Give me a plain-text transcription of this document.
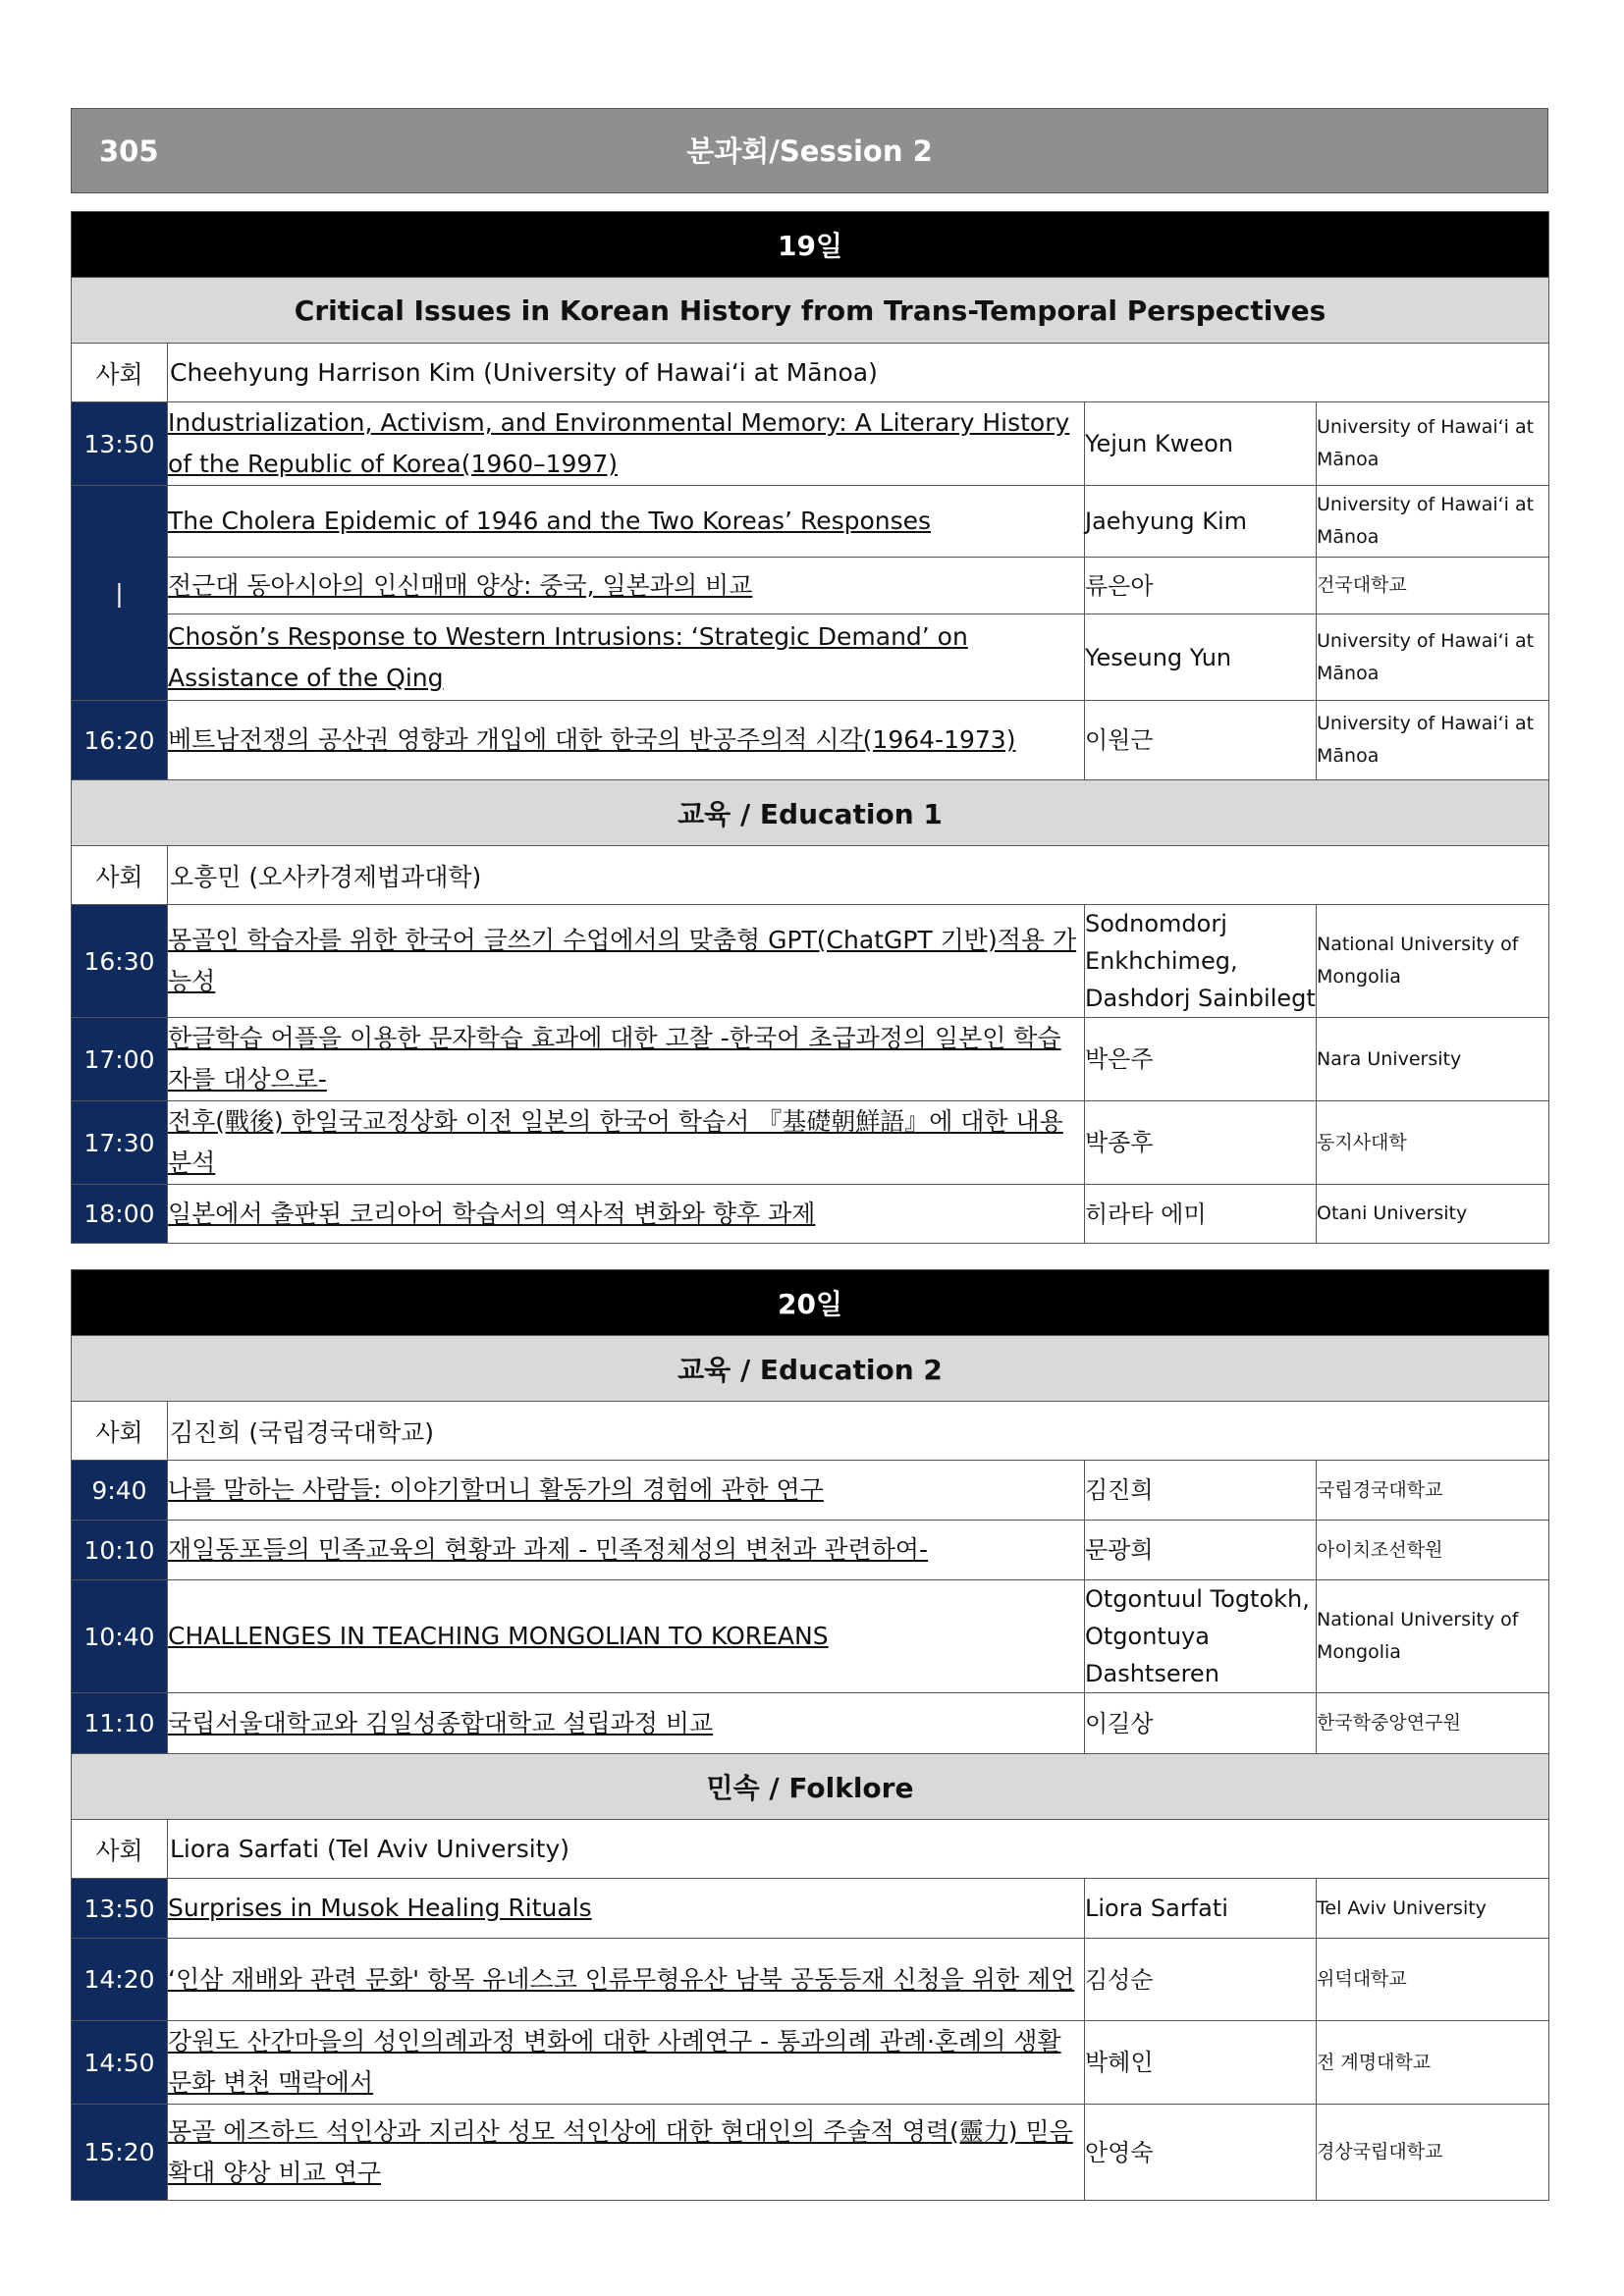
305	분과회/Session 2
19일			
Critical Issues in Korean History from Trans-Temporal Perspectives			
사회	Cheehyung Harrison Kim (University of Hawai‘i at Mānoa)		
13:50	Industrialization, Activism, and Environmental Memory: A Literary History of the Republic of Korea(1960–1997)	Yejun Kweon	University of Hawai‘i at Mānoa
|	The Cholera Epidemic of 1946 and the Two Koreas’ Responses	Jaehyung Kim	University of Hawai‘i at Mānoa
	전근대 동아시아의 인신매매 양상: 중국, 일본과의 비교	류은아	건국대학교
	Chosŏn’s Response to Western Intrusions: ‘Strategic Demand’ on Assistance of the Qing	Yeseung Yun	University of Hawai‘i at Mānoa
16:20	베트남전쟁의 공산권 영향과 개입에 대한 한국의 반공주의적 시각(1964-1973)	이원근	University of Hawai‘i at Mānoa
교육 / Education 1			
사회	오흥민 (오사카경제법과대학)		
16:30	몽골인 학습자를 위한 한국어 글쓰기 수업에서의 맞춤형 GPT(ChatGPT 기반)적용 가능성	Sodnomdorj Enkhchimeg, Dashdorj Sainbilegt	National University of Mongolia
17:00	한글학습 어플을 이용한 문자학습 효과에 대한 고찰 -한국어 초급과정의 일본인 학습자를 대상으로-	박은주	Nara University
17:30	전후(戰後) 한일국교정상화 이전 일본의 한국어 학습서 『基礎朝鮮語』에 대한 내용 분석	박종후	동지사대학
18:00	일본에서 출판된 코리아어 학습서의 역사적 변화와 향후 과제	히라타 에미	Otani University
20일			
교육 / Education 2			
사회	김진희 (국립경국대학교)		
9:40	나를 말하는 사람들: 이야기할머니 활동가의 경험에 관한 연구	김진희	국립경국대학교
10:10	재일동포들의 민족교육의 현황과 과제 - 민족정체성의 변천과 관련하여-	문광희	아이치조선학원
10:40	CHALLENGES IN TEACHING MONGOLIAN TO KOREANS	Otgontuul Togtokh, Otgontuya Dashtseren	National University of Mongolia
11:10	국립서울대학교와 김일성종합대학교 설립과정 비교	이길상	한국학중앙연구원
민속 / Folklore			
사회	Liora Sarfati (Tel Aviv University)		
13:50	Surprises in Musok Healing Rituals	Liora Sarfati	Tel Aviv University
14:20	‘인삼 재배와 관련 문화' 항목 유네스코 인류무형유산 남북 공동등재 신청을 위한 제언	김성순	위덕대학교
14:50	강원도 산간마을의 성인의례과정 변화에 대한 사례연구 - 통과의례 관례·혼례의 생활문화 변천 맥락에서	박혜인	전 계명대학교
15:20	몽골 에즈하드 석인상과 지리산 성모 석인상에 대한 현대인의 주술적 영력(靈力) 믿음 확대 양상 비교 연구	안영숙	경상국립대학교
